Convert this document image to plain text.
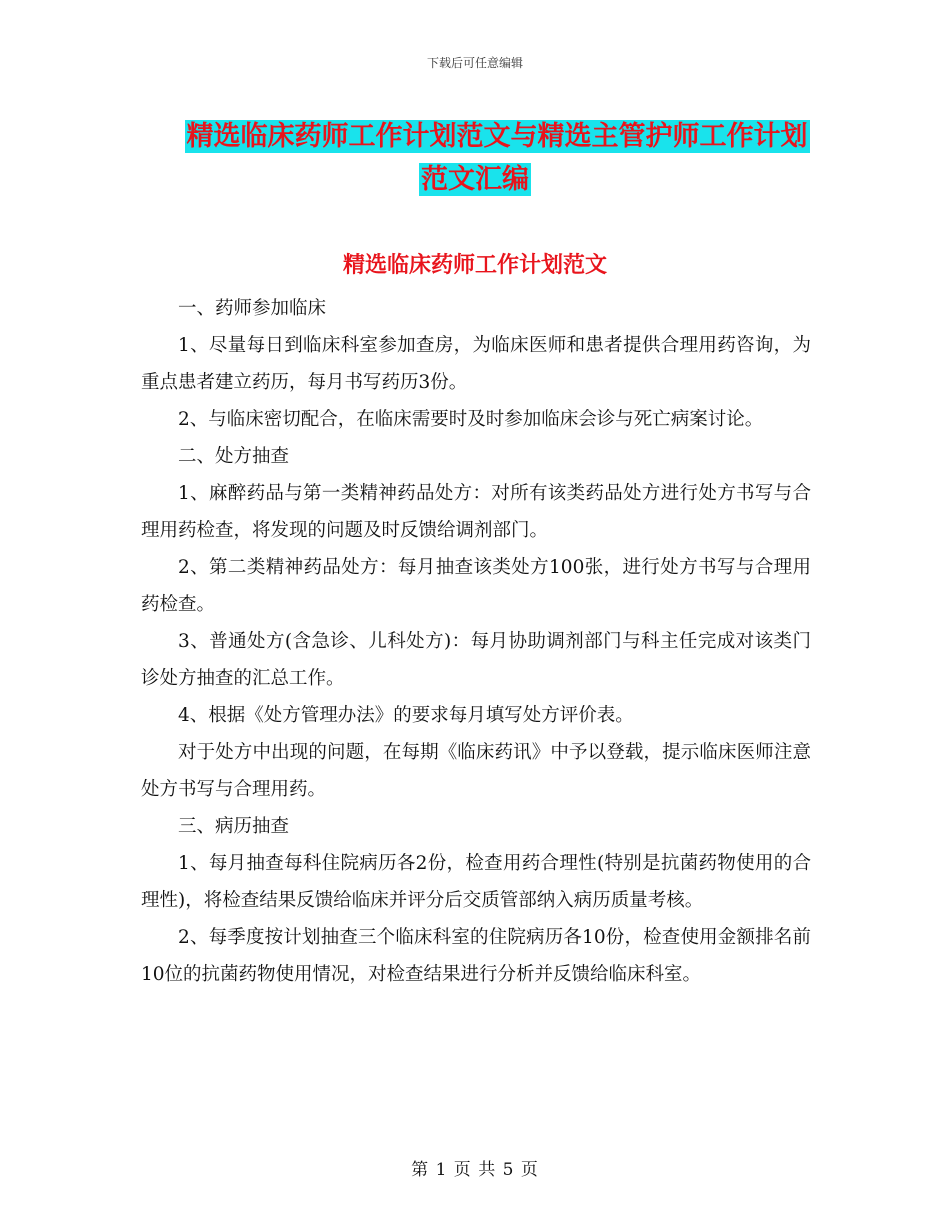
下载后可任意编辑
精选临床药师工作计划范文与精选主管护师工作计划
范文汇编
精选临床药师工作计划范文

一、药师参加临床

1、尽量每日到临床科室参加查房，为临床医师和患者提供合理用药咨询，为重点患者建立药历，每月书写药历3份。

2、与临床密切配合，在临床需要时及时参加临床会诊与死亡病案讨论。

二、处方抽查

1、麻醉药品与第一类精神药品处方：对所有该类药品处方进行处方书写与合理用药检查，将发现的问题及时反馈给调剂部门。

2、第二类精神药品处方：每月抽查该类处方100张，进行处方书写与合理用药检查。

3、普通处方(含急诊、儿科处方)：每月协助调剂部门与科主任完成对该类门诊处方抽查的汇总工作。

4、根据《处方管理办法》的要求每月填写处方评价表。

对于处方中出现的问题，在每期《临床药讯》中予以登载，提示临床医师注意处方书写与合理用药。

三、病历抽查

1、每月抽查每科住院病历各2份，检查用药合理性(特别是抗菌药物使用的合理性)，将检查结果反馈给临床并评分后交质管部纳入病历质量考核。

2、每季度按计划抽查三个临床科室的住院病历各10份，检查使用金额排名前10位的抗菌药物使用情况，对检查结果进行分析并反馈给临床科室。

第 1 页 共 5 页
